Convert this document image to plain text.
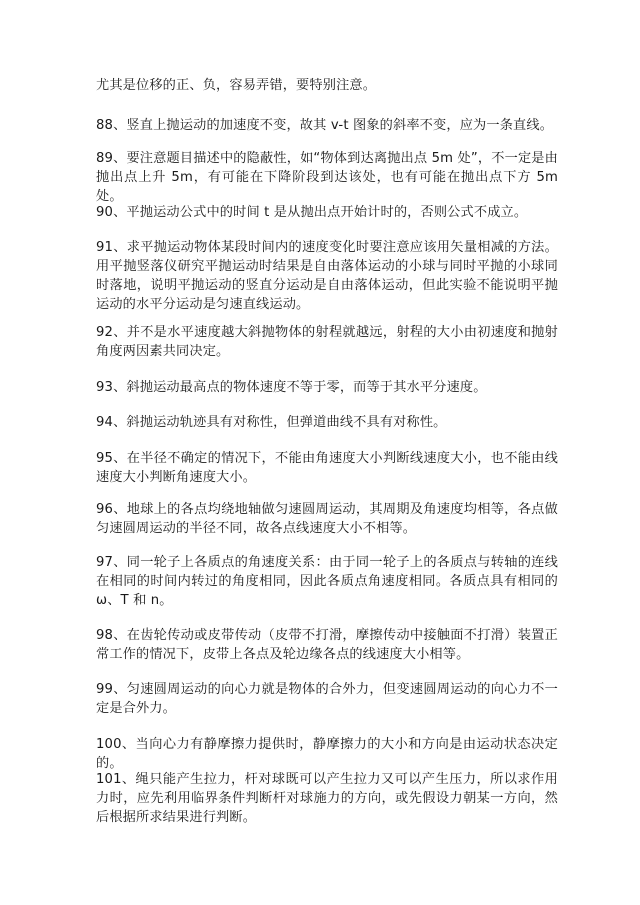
尤其是位移的正、负，容易弄错，要特别注意。

88、竖直上抛运动的加速度不变，故其 v-t 图象的斜率不变，应为一条直线。

89、要注意题目描述中的隐蔽性，如“物体到达离抛出点 5m 处”，不一定是由抛出点上升 5m，有可能在下降阶段到达该处，也有可能在抛出点下方 5m 处。

90、平抛运动公式中的时间 t 是从抛出点开始计时的，否则公式不成立。

91、求平抛运动物体某段时间内的速度变化时要注意应该用矢量相减的方法。用平抛竖落仪研究平抛运动时结果是自由落体运动的小球与同时平抛的小球同时落地，说明平抛运动的竖直分运动是自由落体运动，但此实验不能说明平抛运动的水平分运动是匀速直线运动。

92、并不是水平速度越大斜抛物体的射程就越远，射程的大小由初速度和抛射角度两因素共同决定。

93、斜抛运动最高点的物体速度不等于零，而等于其水平分速度。

94、斜抛运动轨迹具有对称性，但弹道曲线不具有对称性。

95、在半径不确定的情况下，不能由角速度大小判断线速度大小，也不能由线速度大小判断角速度大小。

96、地球上的各点均绕地轴做匀速圆周运动，其周期及角速度均相等，各点做匀速圆周运动的半径不同，故各点线速度大小不相等。

97、同一轮子上各质点的角速度关系：由于同一轮子上的各质点与转轴的连线在相同的时间内转过的角度相同，因此各质点角速度相同。各质点具有相同的 ω、T 和 n。

98、在齿轮传动或皮带传动（皮带不打滑，摩擦传动中接触面不打滑）装置正常工作的情况下，皮带上各点及轮边缘各点的线速度大小相等。

99、匀速圆周运动的向心力就是物体的合外力，但变速圆周运动的向心力不一定是合外力。

100、当向心力有静摩擦力提供时，静摩擦力的大小和方向是由运动状态决定的。

101、绳只能产生拉力，杆对球既可以产生拉力又可以产生压力，所以求作用力时，应先利用临界条件判断杆对球施力的方向，或先假设力朝某一方向，然后根据所求结果进行判断。
